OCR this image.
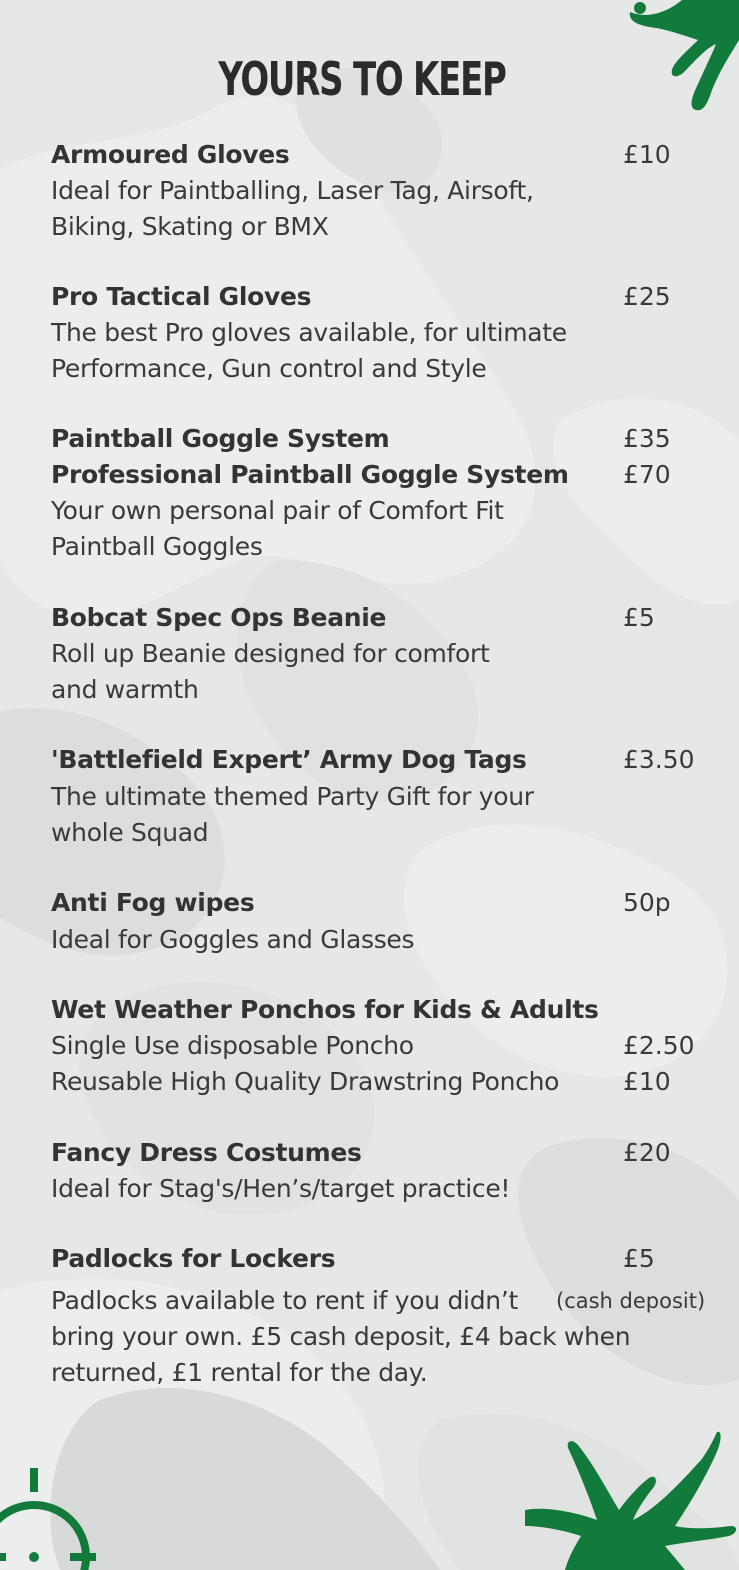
YOURS TO KEEP
Armoured Gloves	£10
Ideal for Paintballing, Laser Tag, Airsoft,
Biking, Skating or BMX
Pro Tactical Gloves	£25
The best Pro gloves available, for ultimate
Performance, Gun control and Style
Paintball Goggle System	£35
Professional Paintball Goggle System £70
Your own personal pair of Comfort Fit
Paintball Goggles
Bobcat Spec Ops Beanie	£5
Roll up Beanie designed for comfort
and warmth
'Battlefield Expert’ Army Dog Tags	£3.50
The ultimate themed Party Gift for your
whole Squad
Anti Fog wipes	50p
Ideal for Goggles and Glasses
Wet Weather Ponchos for Kids & Adults
Single Use disposable Poncho	£2.50
Reusable High Quality Drawstring Poncho	£10
Fancy Dress Costumes	£20
Ideal for Stag's/Hen’s/target practice!
Padlocks for Lockers	£5
Padlocks available to rent if you didn’t (cash deposit)
bring your own. £5 cash deposit, £4 back when
returned, £1 rental for the day.
